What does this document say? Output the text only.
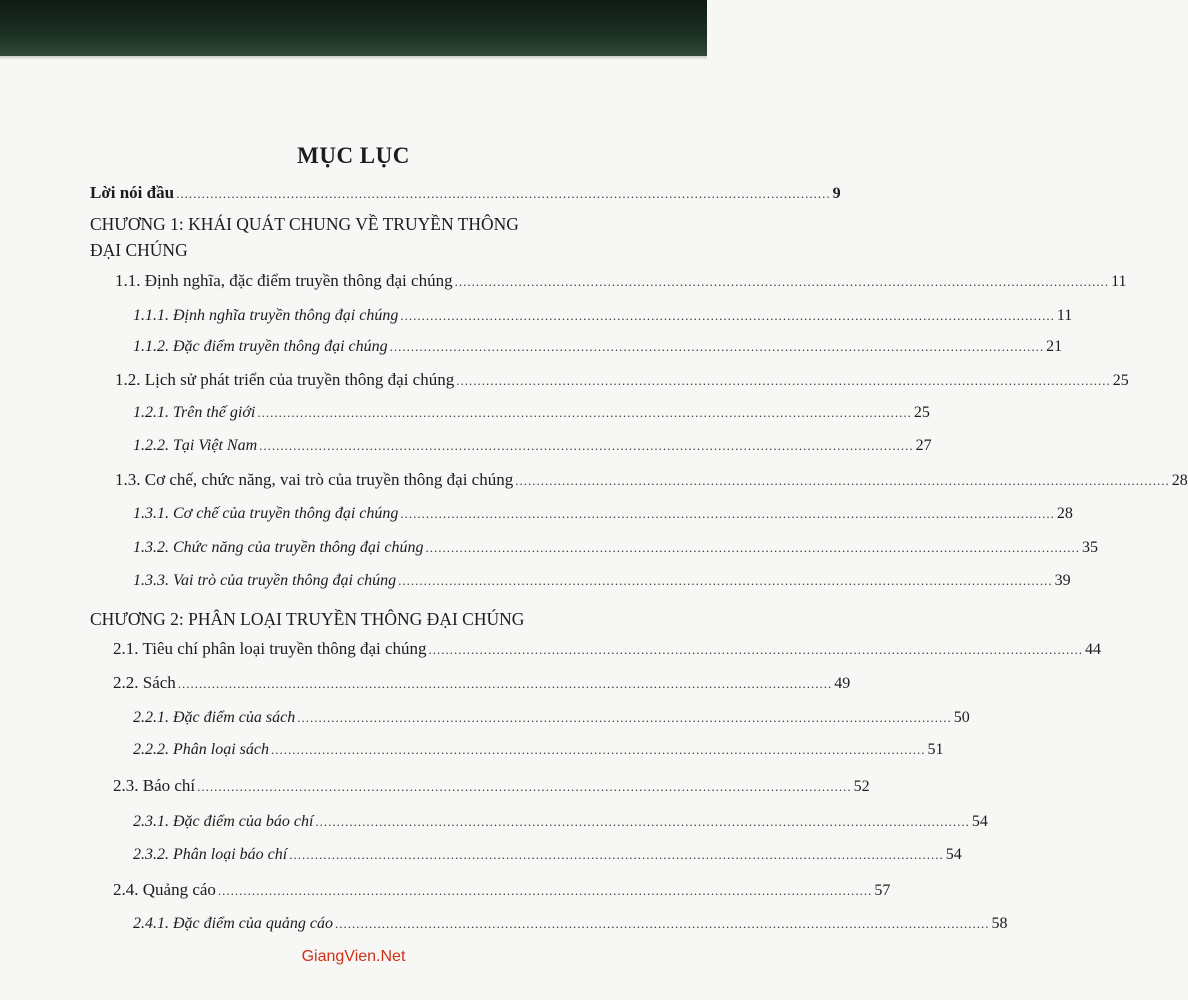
MỤC LỤC
Lời nói đầu .......................................................................................................................................................... 9
CHƯƠNG 1: KHÁI QUÁT CHUNG VỀ TRUYỀN THÔNG
ĐẠI CHÚNG
1.1. Định nghĩa, đặc điểm truyền thông đại chúng .......................................................................................................................................................... 11
1.1.1. Định nghĩa truyền thông đại chúng .......................................................................................................................................................... 11
1.1.2. Đặc điểm truyền thông đại chúng .......................................................................................................................................................... 21
1.2. Lịch sử phát triển của truyền thông đại chúng .......................................................................................................................................................... 25
1.2.1. Trên thế giới .......................................................................................................................................................... 25
1.2.2. Tại Việt Nam .......................................................................................................................................................... 27
1.3. Cơ chế, chức năng, vai trò của truyền thông đại chúng .......................................................................................................................................................... 28
1.3.1. Cơ chế của truyền thông đại chúng .......................................................................................................................................................... 28
1.3.2. Chức năng của truyền thông đại chúng .......................................................................................................................................................... 35
1.3.3. Vai trò của truyền thông đại chúng .......................................................................................................................................................... 39
CHƯƠNG 2: PHÂN LOẠI TRUYỀN THÔNG ĐẠI CHÚNG
2.1. Tiêu chí phân loại truyền thông đại chúng .......................................................................................................................................................... 44
2.2. Sách .......................................................................................................................................................... 49
2.2.1. Đặc điểm của sách .......................................................................................................................................................... 50
2.2.2. Phân loại sách .......................................................................................................................................................... 51
2.3. Báo chí .......................................................................................................................................................... 52
2.3.1. Đặc điểm của báo chí .......................................................................................................................................................... 54
2.3.2. Phân loại báo chí .......................................................................................................................................................... 54
2.4. Quảng cáo .......................................................................................................................................................... 57
2.4.1. Đặc điểm của quảng cáo .......................................................................................................................................................... 58
GiangVien.Net
